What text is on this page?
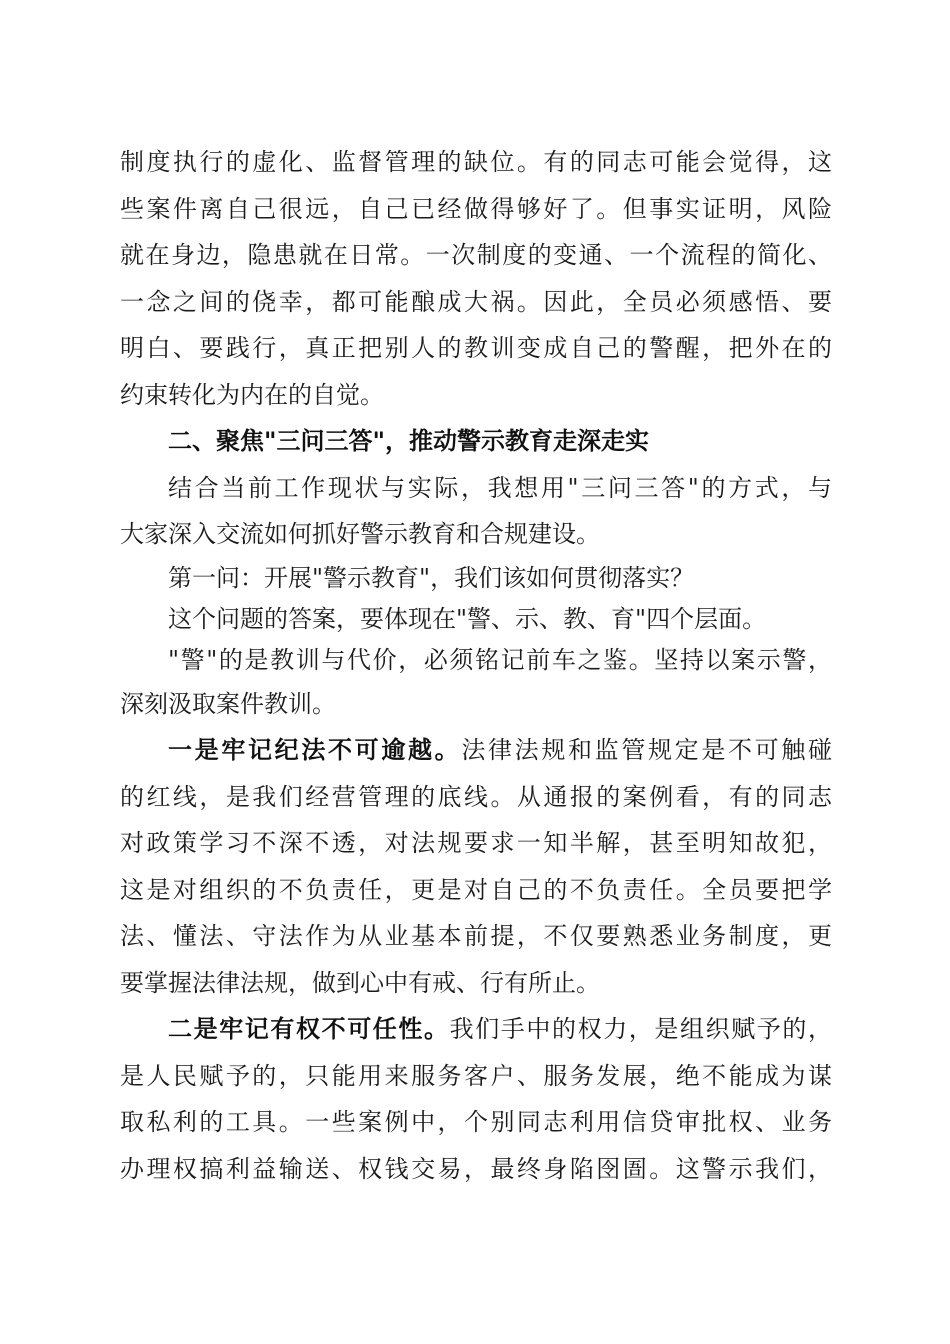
制度执行的虚化、监督管理的缺位。有的同志可能会觉得，这
些案件离自己很远，自己已经做得够好了。但事实证明，风险
就在身边，隐患就在日常。一次制度的变通、一个流程的简化、
一念之间的侥幸，都可能酿成大祸。因此，全员必须感悟、要
明白、要践行，真正把别人的教训变成自己的警醒，把外在的
约束转化为内在的自觉。
二、聚焦"三问三答"，推动警示教育走深走实
结合当前工作现状与实际，我想用"三问三答"的方式，与
大家深入交流如何抓好警示教育和合规建设。
第一问：开展"警示教育"，我们该如何贯彻落实？
这个问题的答案，要体现在"警、示、教、育"四个层面。
"警"的是教训与代价，必须铭记前车之鉴。坚持以案示警，
深刻汲取案件教训。
一是牢记纪法不可逾越。法律法规和监管规定是不可触碰
的红线，是我们经营管理的底线。从通报的案例看，有的同志
对政策学习不深不透，对法规要求一知半解，甚至明知故犯，
这是对组织的不负责任，更是对自己的不负责任。全员要把学
法、懂法、守法作为从业基本前提，不仅要熟悉业务制度，更
要掌握法律法规，做到心中有戒、行有所止。
二是牢记有权不可任性。我们手中的权力，是组织赋予的，
是人民赋予的，只能用来服务客户、服务发展，绝不能成为谋
取私利的工具。一些案例中，个别同志利用信贷审批权、业务
办理权搞利益输送、权钱交易，最终身陷囹圄。这警示我们，
